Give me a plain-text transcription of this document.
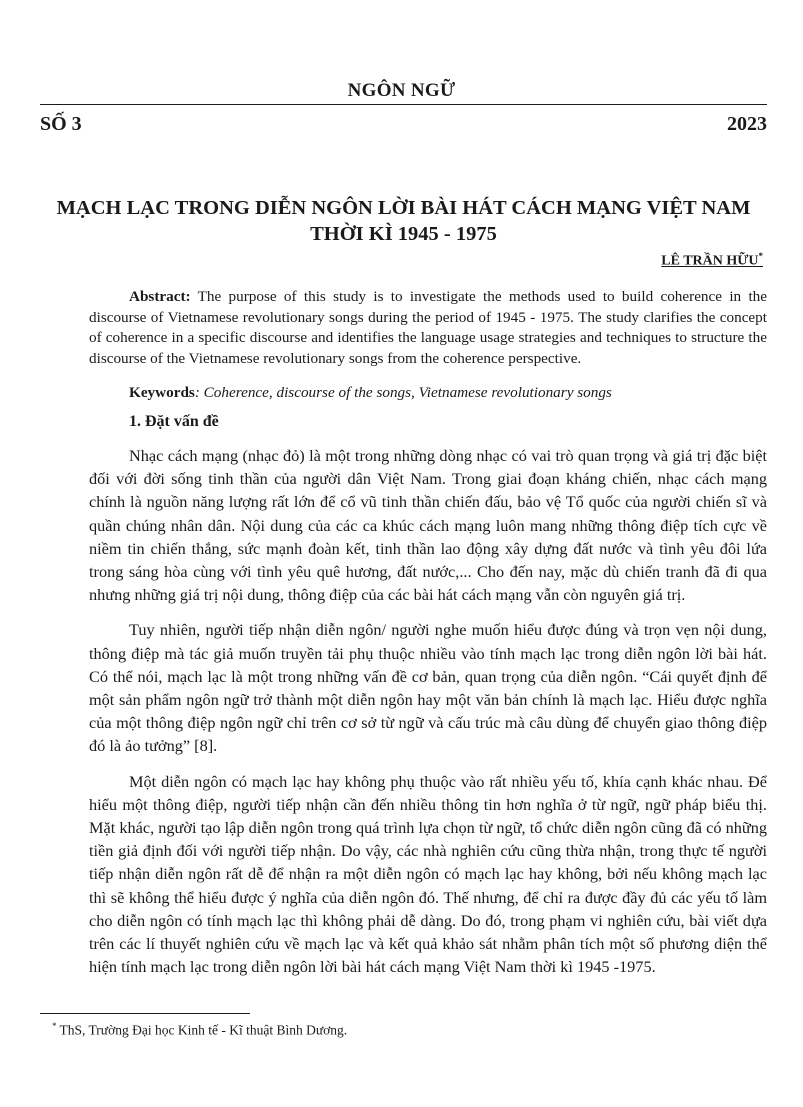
NGÔN NGỮ
SỐ 3	2023
MẠCH LẠC TRONG DIỄN NGÔN LỜI BÀI HÁT CÁCH MẠNG VIỆT NAM
THỜI KÌ 1945 - 1975
LÊ TRẦN HỮU*

Abstract: The purpose of this study is to investigate the methods used to build coherence in the discourse of Vietnamese revolutionary songs during the period of 1945 - 1975. The study clarifies the concept of coherence in a specific discourse and identifies the language usage strategies and techniques to structure the discourse of the Vietnamese revolutionary songs from the coherence perspective.

Keywords: Coherence, discourse of the songs, Vietnamese revolutionary songs

1. Đặt vấn đề

Nhạc cách mạng (nhạc đỏ) là một trong những dòng nhạc có vai trò quan trọng và giá trị đặc biệt đối với đời sống tinh thần của người dân Việt Nam. Trong giai đoạn kháng chiến, nhạc cách mạng chính là nguồn năng lượng rất lớn để cổ vũ tinh thần chiến đấu, bảo vệ Tổ quốc của người chiến sĩ và quần chúng nhân dân. Nội dung của các ca khúc cách mạng luôn mang những thông điệp tích cực về niềm tin chiến thắng, sức mạnh đoàn kết, tinh thần lao động xây dựng đất nước và tình yêu đôi lứa trong sáng hòa cùng với tình yêu quê hương, đất nước,... Cho đến nay, mặc dù chiến tranh đã đi qua nhưng những giá trị nội dung, thông điệp của các bài hát cách mạng vẫn còn nguyên giá trị.

Tuy nhiên, người tiếp nhận diễn ngôn/ người nghe muốn hiểu được đúng và trọn vẹn nội dung, thông điệp mà tác giả muốn truyền tải phụ thuộc nhiều vào tính mạch lạc trong diễn ngôn lời bài hát. Có thể nói, mạch lạc là một trong những vấn đề cơ bản, quan trọng của diễn ngôn. “Cái quyết định để một sản phẩm ngôn ngữ trở thành một diễn ngôn hay một văn bản chính là mạch lạc. Hiểu được nghĩa của một thông điệp ngôn ngữ chỉ trên cơ sở từ ngữ và cấu trúc mà câu dùng để chuyển giao thông điệp đó là ảo tưởng” [8].

Một diễn ngôn có mạch lạc hay không phụ thuộc vào rất nhiều yếu tố, khía cạnh khác nhau. Để hiểu một thông điệp, người tiếp nhận cần đến nhiều thông tin hơn nghĩa ở từ ngữ, ngữ pháp biểu thị. Mặt khác, người tạo lập diễn ngôn trong quá trình lựa chọn từ ngữ, tổ chức diễn ngôn cũng đã có những tiền giả định đối với người tiếp nhận. Do vậy, các nhà nghiên cứu cũng thừa nhận, trong thực tế người tiếp nhận diễn ngôn rất dễ để nhận ra một diễn ngôn có mạch lạc hay không, bởi nếu không mạch lạc thì sẽ không thể hiểu được ý nghĩa của diễn ngôn đó. Thế nhưng, để chỉ ra được đầy đủ các yếu tố làm cho diễn ngôn có tính mạch lạc thì không phải dễ dàng. Do đó, trong phạm vi nghiên cứu, bài viết dựa trên các lí thuyết nghiên cứu về mạch lạc và kết quả khảo sát nhằm phân tích một số phương diện thể hiện tính mạch lạc trong diễn ngôn lời bài hát cách mạng Việt Nam thời kì 1945 -1975.

* ThS, Trường Đại học Kinh tế - Kĩ thuật Bình Dương.
